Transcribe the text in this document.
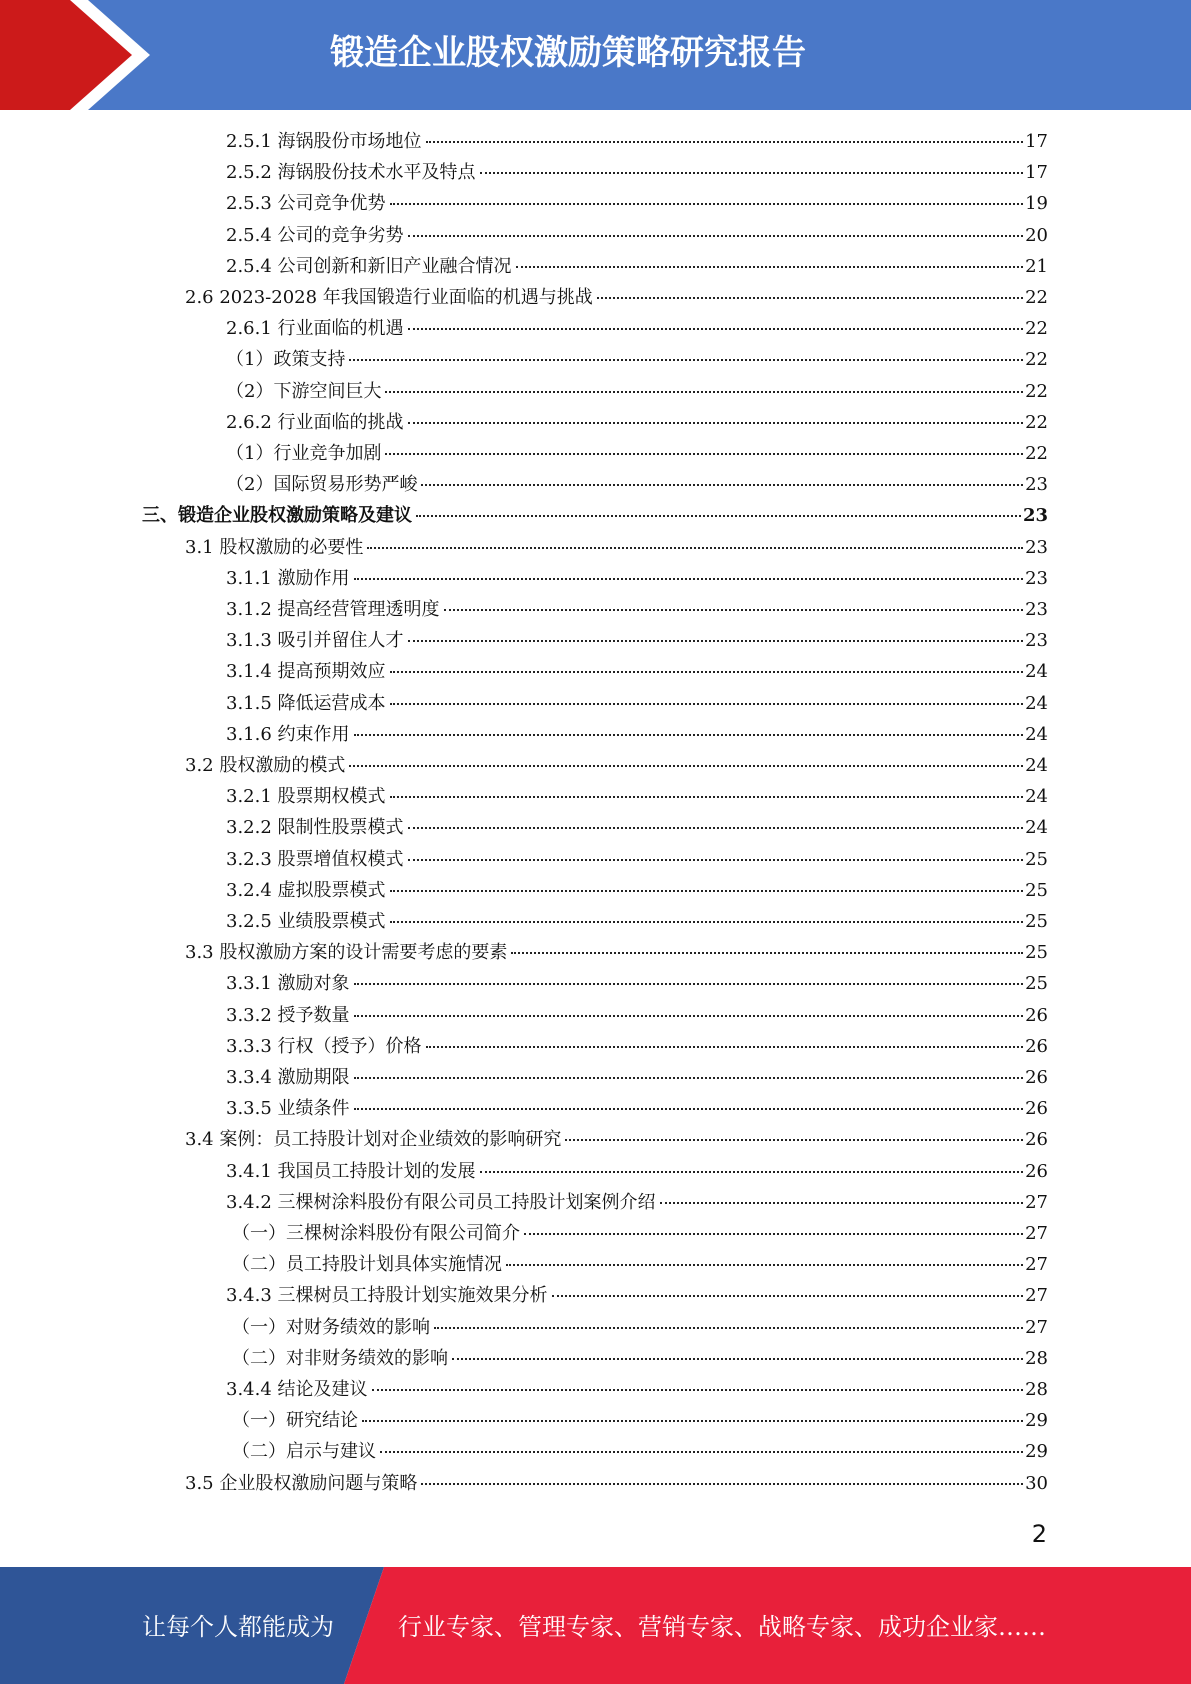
锻造企业股权激励策略研究报告
2.5.1 海锅股份市场地位	17
2.5.2 海锅股份技术水平及特点	17
2.5.3 公司竞争优势	19
2.5.4 公司的竞争劣势	20
2.5.4 公司创新和新旧产业融合情况	21
2.6 2023-2028 年我国锻造行业面临的机遇与挑战	22
2.6.1 行业面临的机遇	22
（1）政策支持	22
（2）下游空间巨大	22
2.6.2 行业面临的挑战	22
（1）行业竞争加剧	22
（2）国际贸易形势严峻	23
三、锻造企业股权激励策略及建议	23
3.1 股权激励的必要性	23
3.1.1 激励作用	23
3.1.2 提高经营管理透明度	23
3.1.3 吸引并留住人才	23
3.1.4 提高预期效应	24
3.1.5 降低运营成本	24
3.1.6 约束作用	24
3.2 股权激励的模式	24
3.2.1 股票期权模式	24
3.2.2 限制性股票模式	24
3.2.3 股票增值权模式	25
3.2.4 虚拟股票模式	25
3.2.5 业绩股票模式	25
3.3 股权激励方案的设计需要考虑的要素	25
3.3.1 激励对象	25
3.3.2 授予数量	26
3.3.3 行权（授予）价格	26
3.3.4 激励期限	26
3.3.5 业绩条件	26
3.4 案例：员工持股计划对企业绩效的影响研究	26
3.4.1 我国员工持股计划的发展	26
3.4.2 三棵树涂料股份有限公司员工持股计划案例介绍	27
（一）三棵树涂料股份有限公司简介	27
（二）员工持股计划具体实施情况	27
3.4.3 三棵树员工持股计划实施效果分析	27
（一）对财务绩效的影响	27
（二）对非财务绩效的影响	28
3.4.4 结论及建议	28
（一）研究结论	29
（二）启示与建议	29
3.5 企业股权激励问题与策略	30
2
让每个人都能成为	行业专家、管理专家、营销专家、战略专家、成功企业家……
